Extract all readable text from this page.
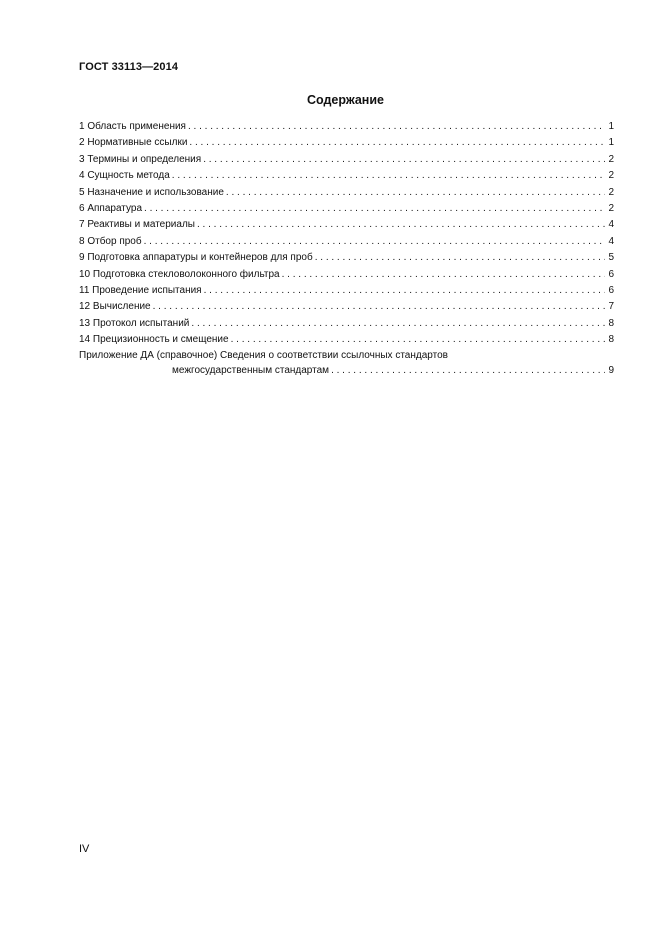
ГОСТ 33113—2014
Содержание
1 Область применения . . .	1
2 Нормативные ссылки . . .	1
3 Термины и определения . . .	2
4 Сущность метода . . .	2
5 Назначение и использование . . .	2
6 Аппаратура . . .	2
7 Реактивы и материалы . . .	4
8 Отбор проб . . .	4
9 Подготовка аппаратуры и контейнеров для проб . . .	5
10 Подготовка стекловолоконного фильтра . . .	6
11 Проведение испытания . . .	6
12 Вычисление . . .	7
13 Протокол испытаний . . .	8
14 Прецизионность и смещение . . .	8
Приложение ДА (справочное) Сведения о соответствии ссылочных стандартов
межгосударственным стандартам . . .	9
IV
